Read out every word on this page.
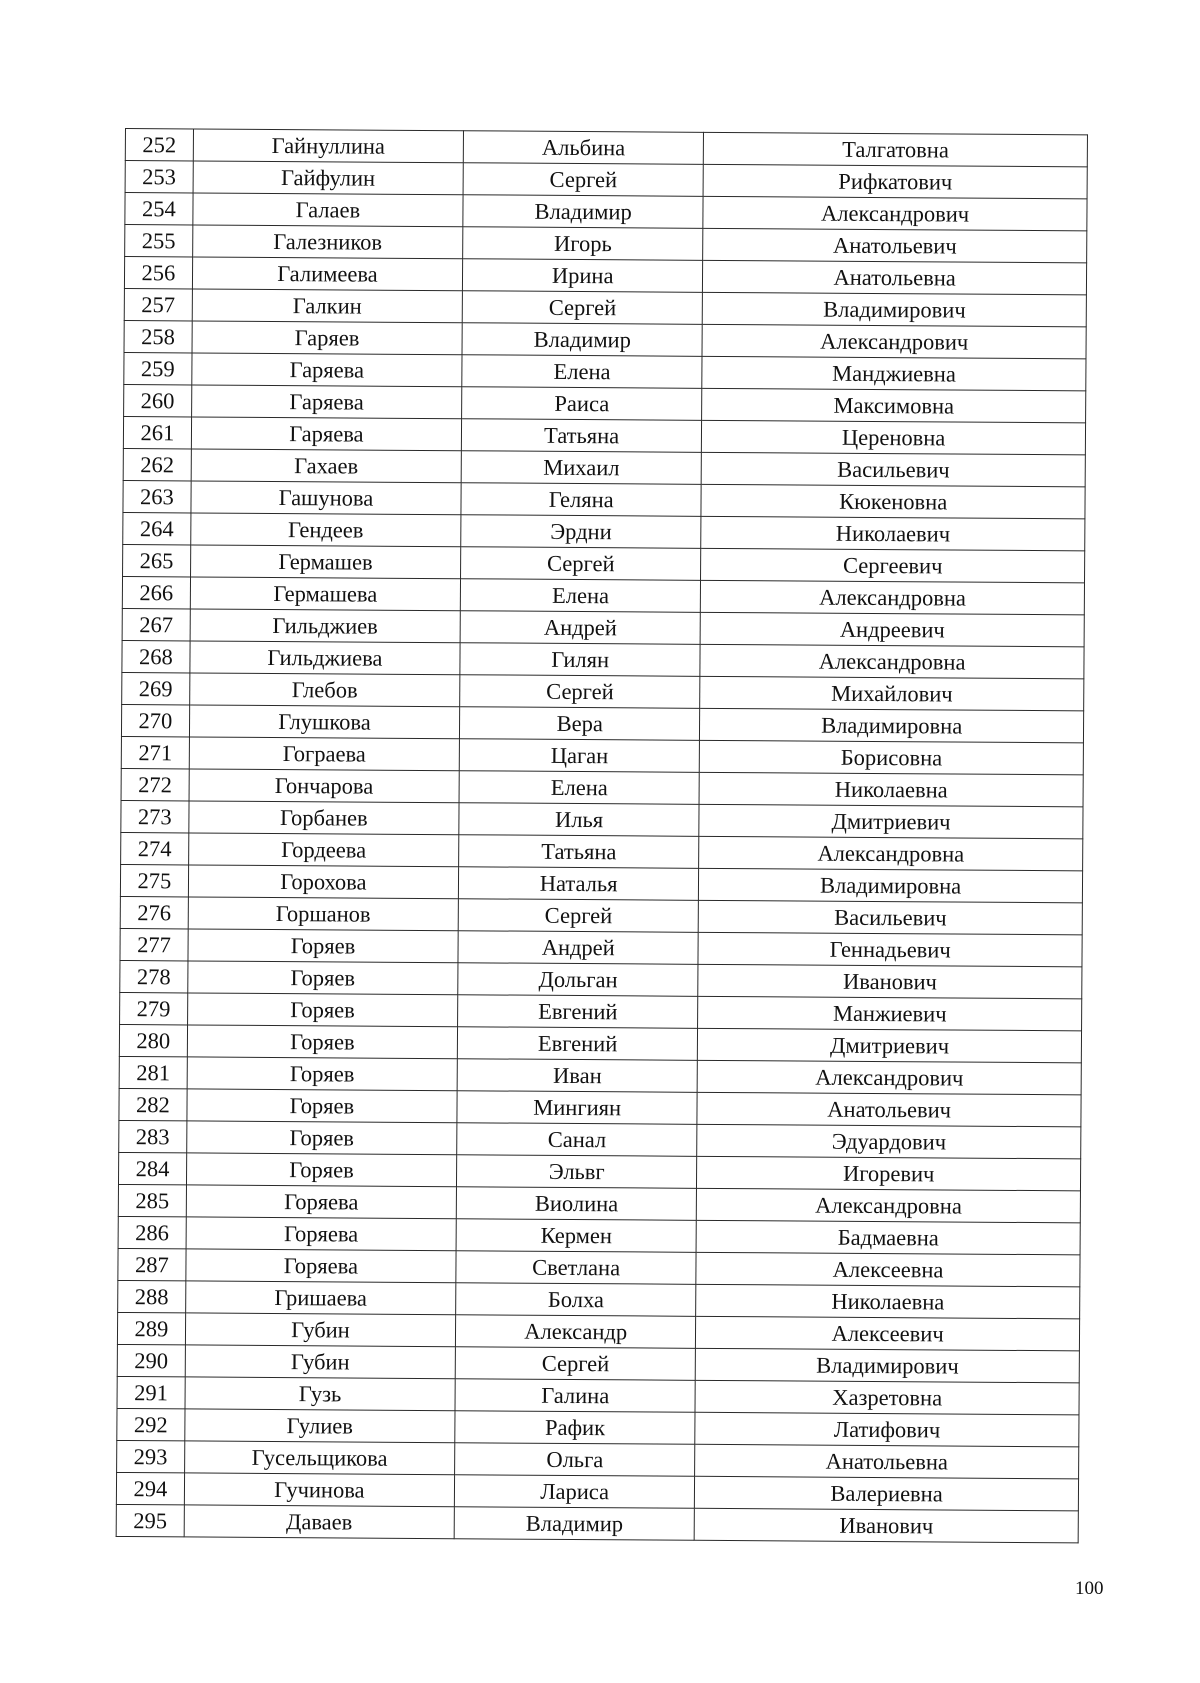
252	Гайнуллина	Альбина	Талгатовна
253	Гайфулин	Сергей	Рифкатович
254	Галаев	Владимир	Александрович
255	Галезников	Игорь	Анатольевич
256	Галимеева	Ирина	Анатольевна
257	Галкин	Сергей	Владимирович
258	Гаряев	Владимир	Александрович
259	Гаряева	Елена	Манджиевна
260	Гаряева	Раиса	Максимовна
261	Гаряева	Татьяна	Цереновна
262	Гахаев	Михаил	Васильевич
263	Гашунова	Геляна	Кюкеновна
264	Гендеев	Эрдни	Николаевич
265	Гермашев	Сергей	Сергеевич
266	Гермашева	Елена	Александровна
267	Гильджиев	Андрей	Андреевич
268	Гильджиева	Гилян	Александровна
269	Глебов	Сергей	Михайлович
270	Глушкова	Вера	Владимировна
271	Гограева	Цаган	Борисовна
272	Гончарова	Елена	Николаевна
273	Горбанев	Илья	Дмитриевич
274	Гордеева	Татьяна	Александровна
275	Горохова	Наталья	Владимировна
276	Горшанов	Сергей	Васильевич
277	Горяев	Андрей	Геннадьевич
278	Горяев	Дольган	Иванович
279	Горяев	Евгений	Манжиевич
280	Горяев	Евгений	Дмитриевич
281	Горяев	Иван	Александрович
282	Горяев	Мингиян	Анатольевич
283	Горяев	Санал	Эдуардович
284	Горяев	Эльвг	Игоревич
285	Горяева	Виолина	Александровна
286	Горяева	Кермен	Бадмаевна
287	Горяева	Светлана	Алексеевна
288	Гришаева	Болха	Николаевна
289	Губин	Александр	Алексеевич
290	Губин	Сергей	Владимирович
291	Гузь	Галина	Хазретовна
292	Гулиев	Рафик	Латифович
293	Гусельщикова	Ольга	Анатольевна
294	Гучинова	Лариса	Валериевна
295	Даваев	Владимир	Иванович
100
